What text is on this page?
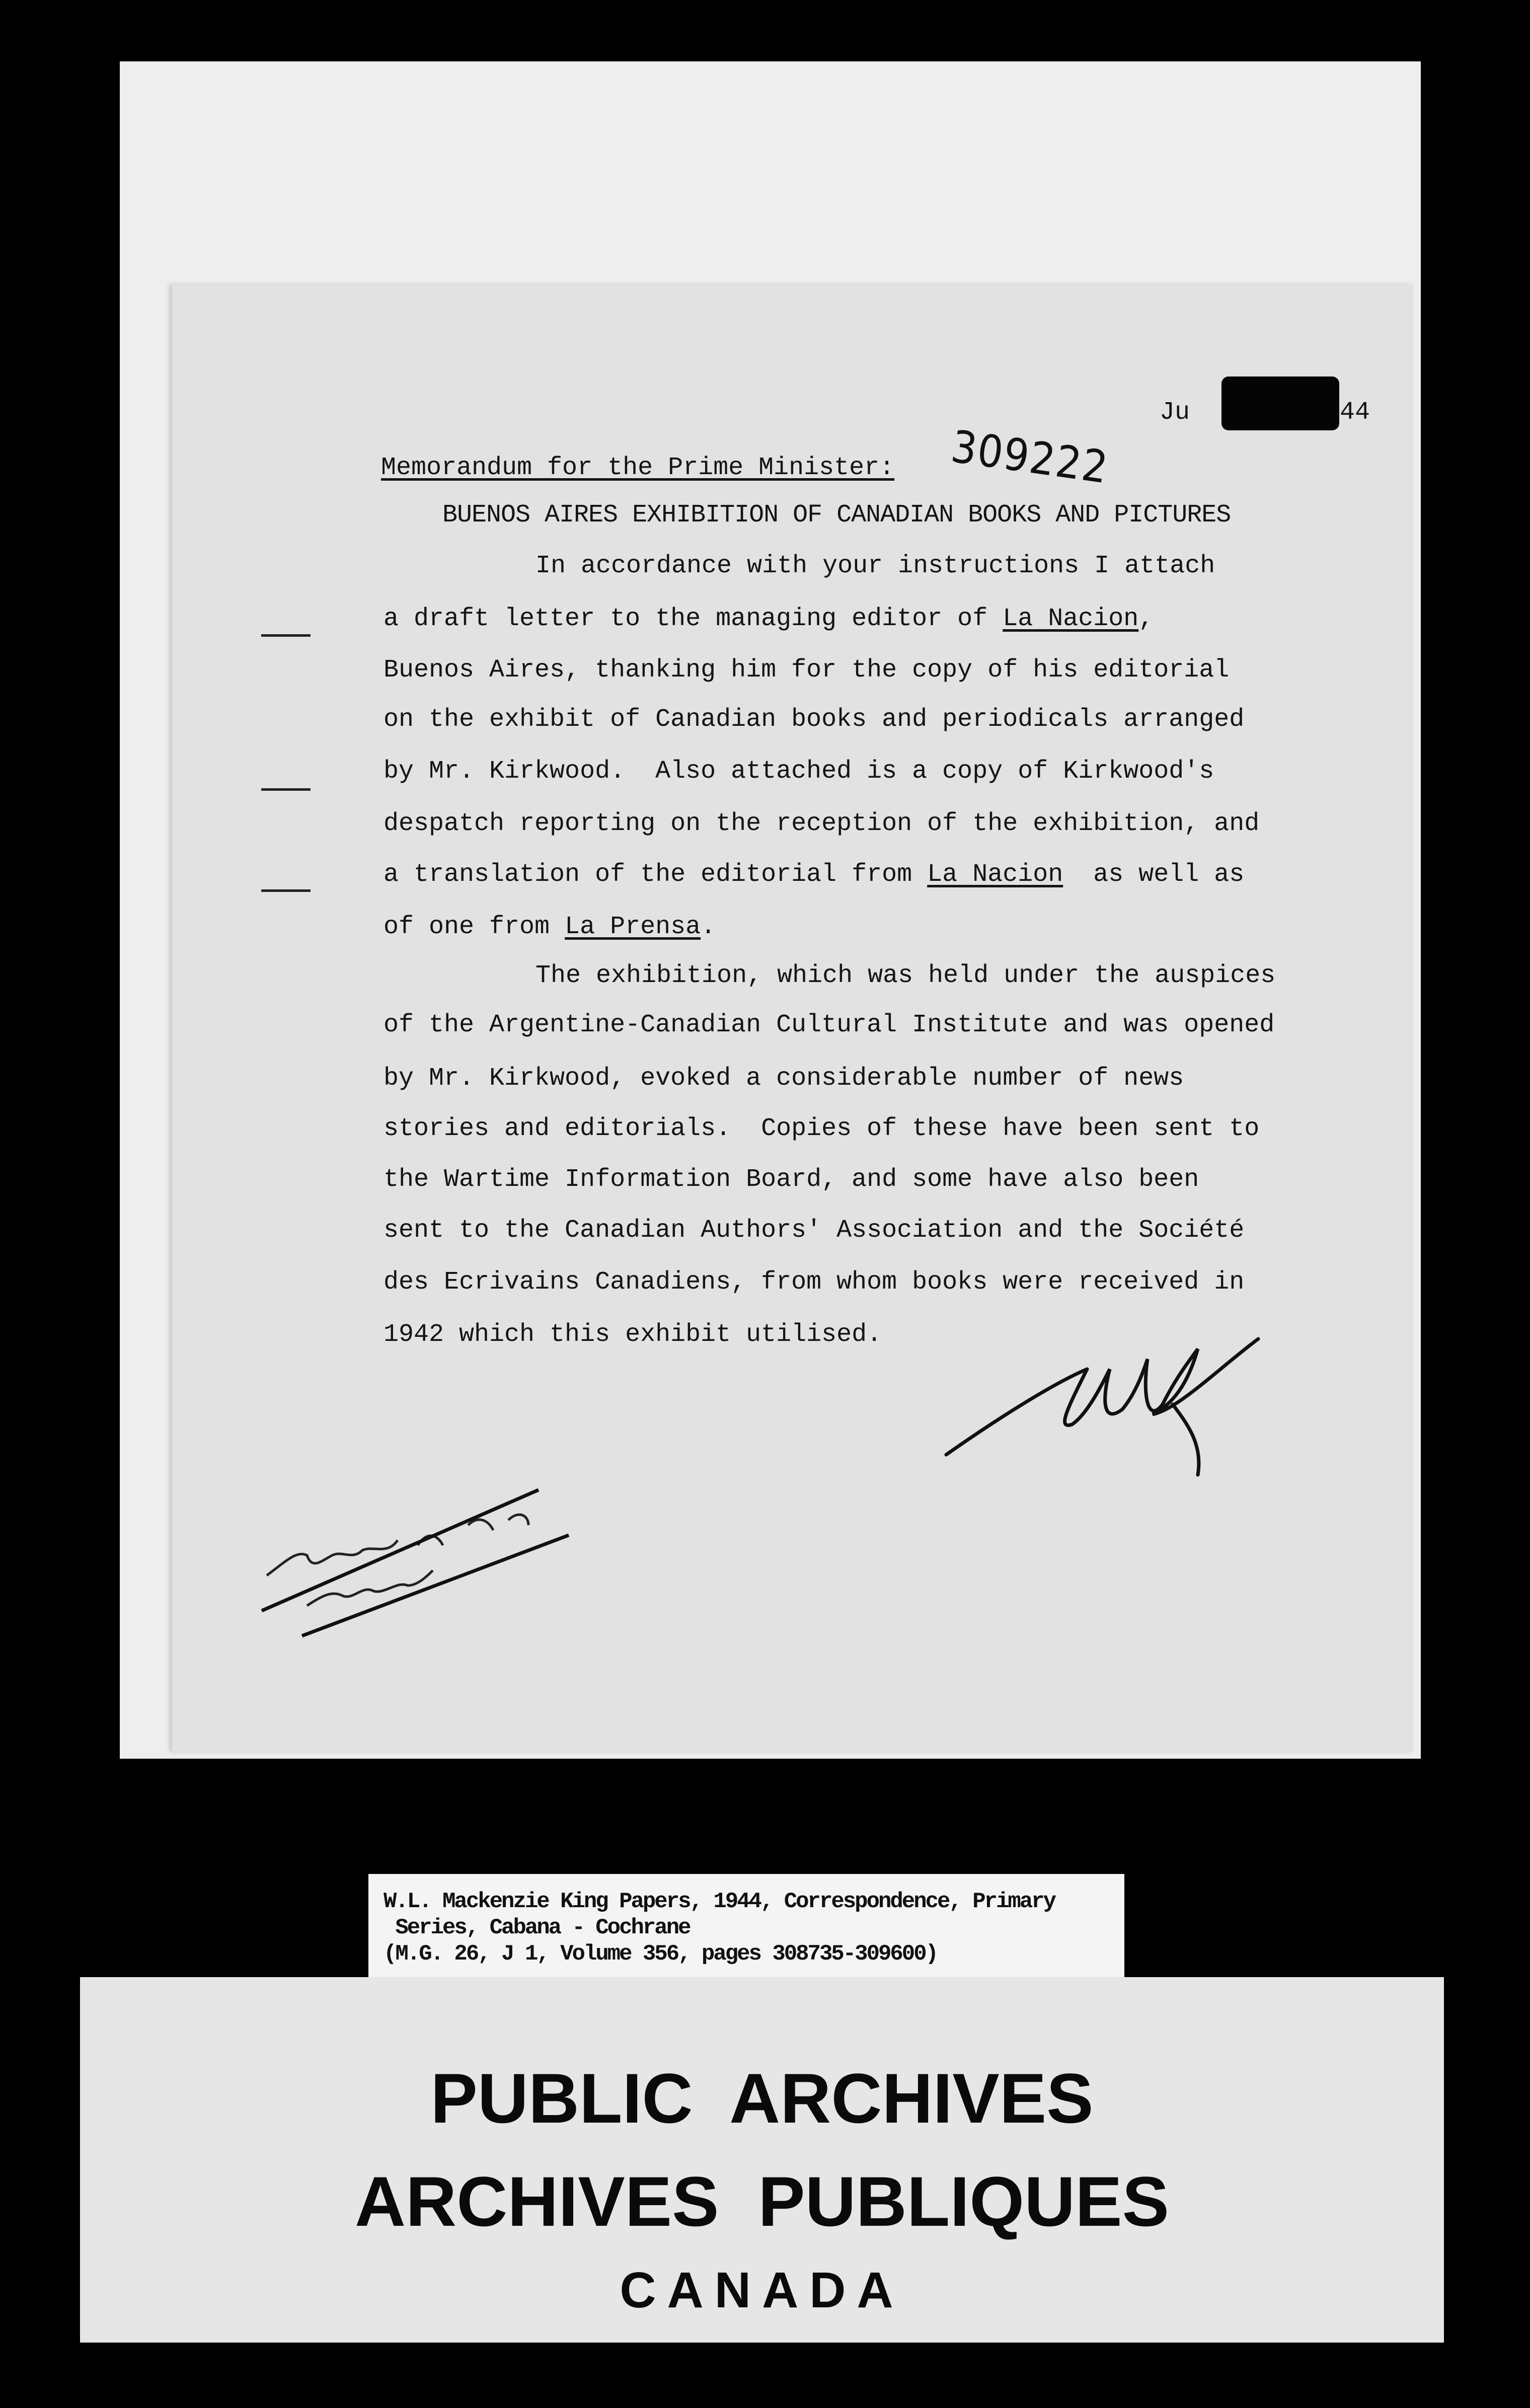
Ju	44
309222
Memorandum for the Prime Minister:
BUENOS AIRES EXHIBITION OF CANADIAN BOOKS AND PICTURES
In accordance with your instructions I attach
a draft letter to the managing editor of La Nacion,
Buenos Aires, thanking him for the copy of his editorial
on the exhibit of Canadian books and periodicals arranged
by Mr. Kirkwood.  Also attached is a copy of Kirkwood's
despatch reporting on the reception of the exhibition, and
a translation of the editorial from La Nacion  as well as
of one from La Prensa.
The exhibition, which was held under the auspices
of the Argentine-Canadian Cultural Institute and was opened
by Mr. Kirkwood, evoked a considerable number of news
stories and editorials.  Copies of these have been sent to
the Wartime Information Board, and some have also been
sent to the Canadian Authors' Association and the Société
des Ecrivains Canadiens, from whom books were received in
1942 which this exhibit utilised.
W.L. Mackenzie King Papers, 1944, Correspondence, Primary
Series, Cabana - Cochrane
(M.G. 26, J 1, Volume 356, pages 308735-309600)
PUBLIC  ARCHIVES
ARCHIVES  PUBLIQUES
CANADA
